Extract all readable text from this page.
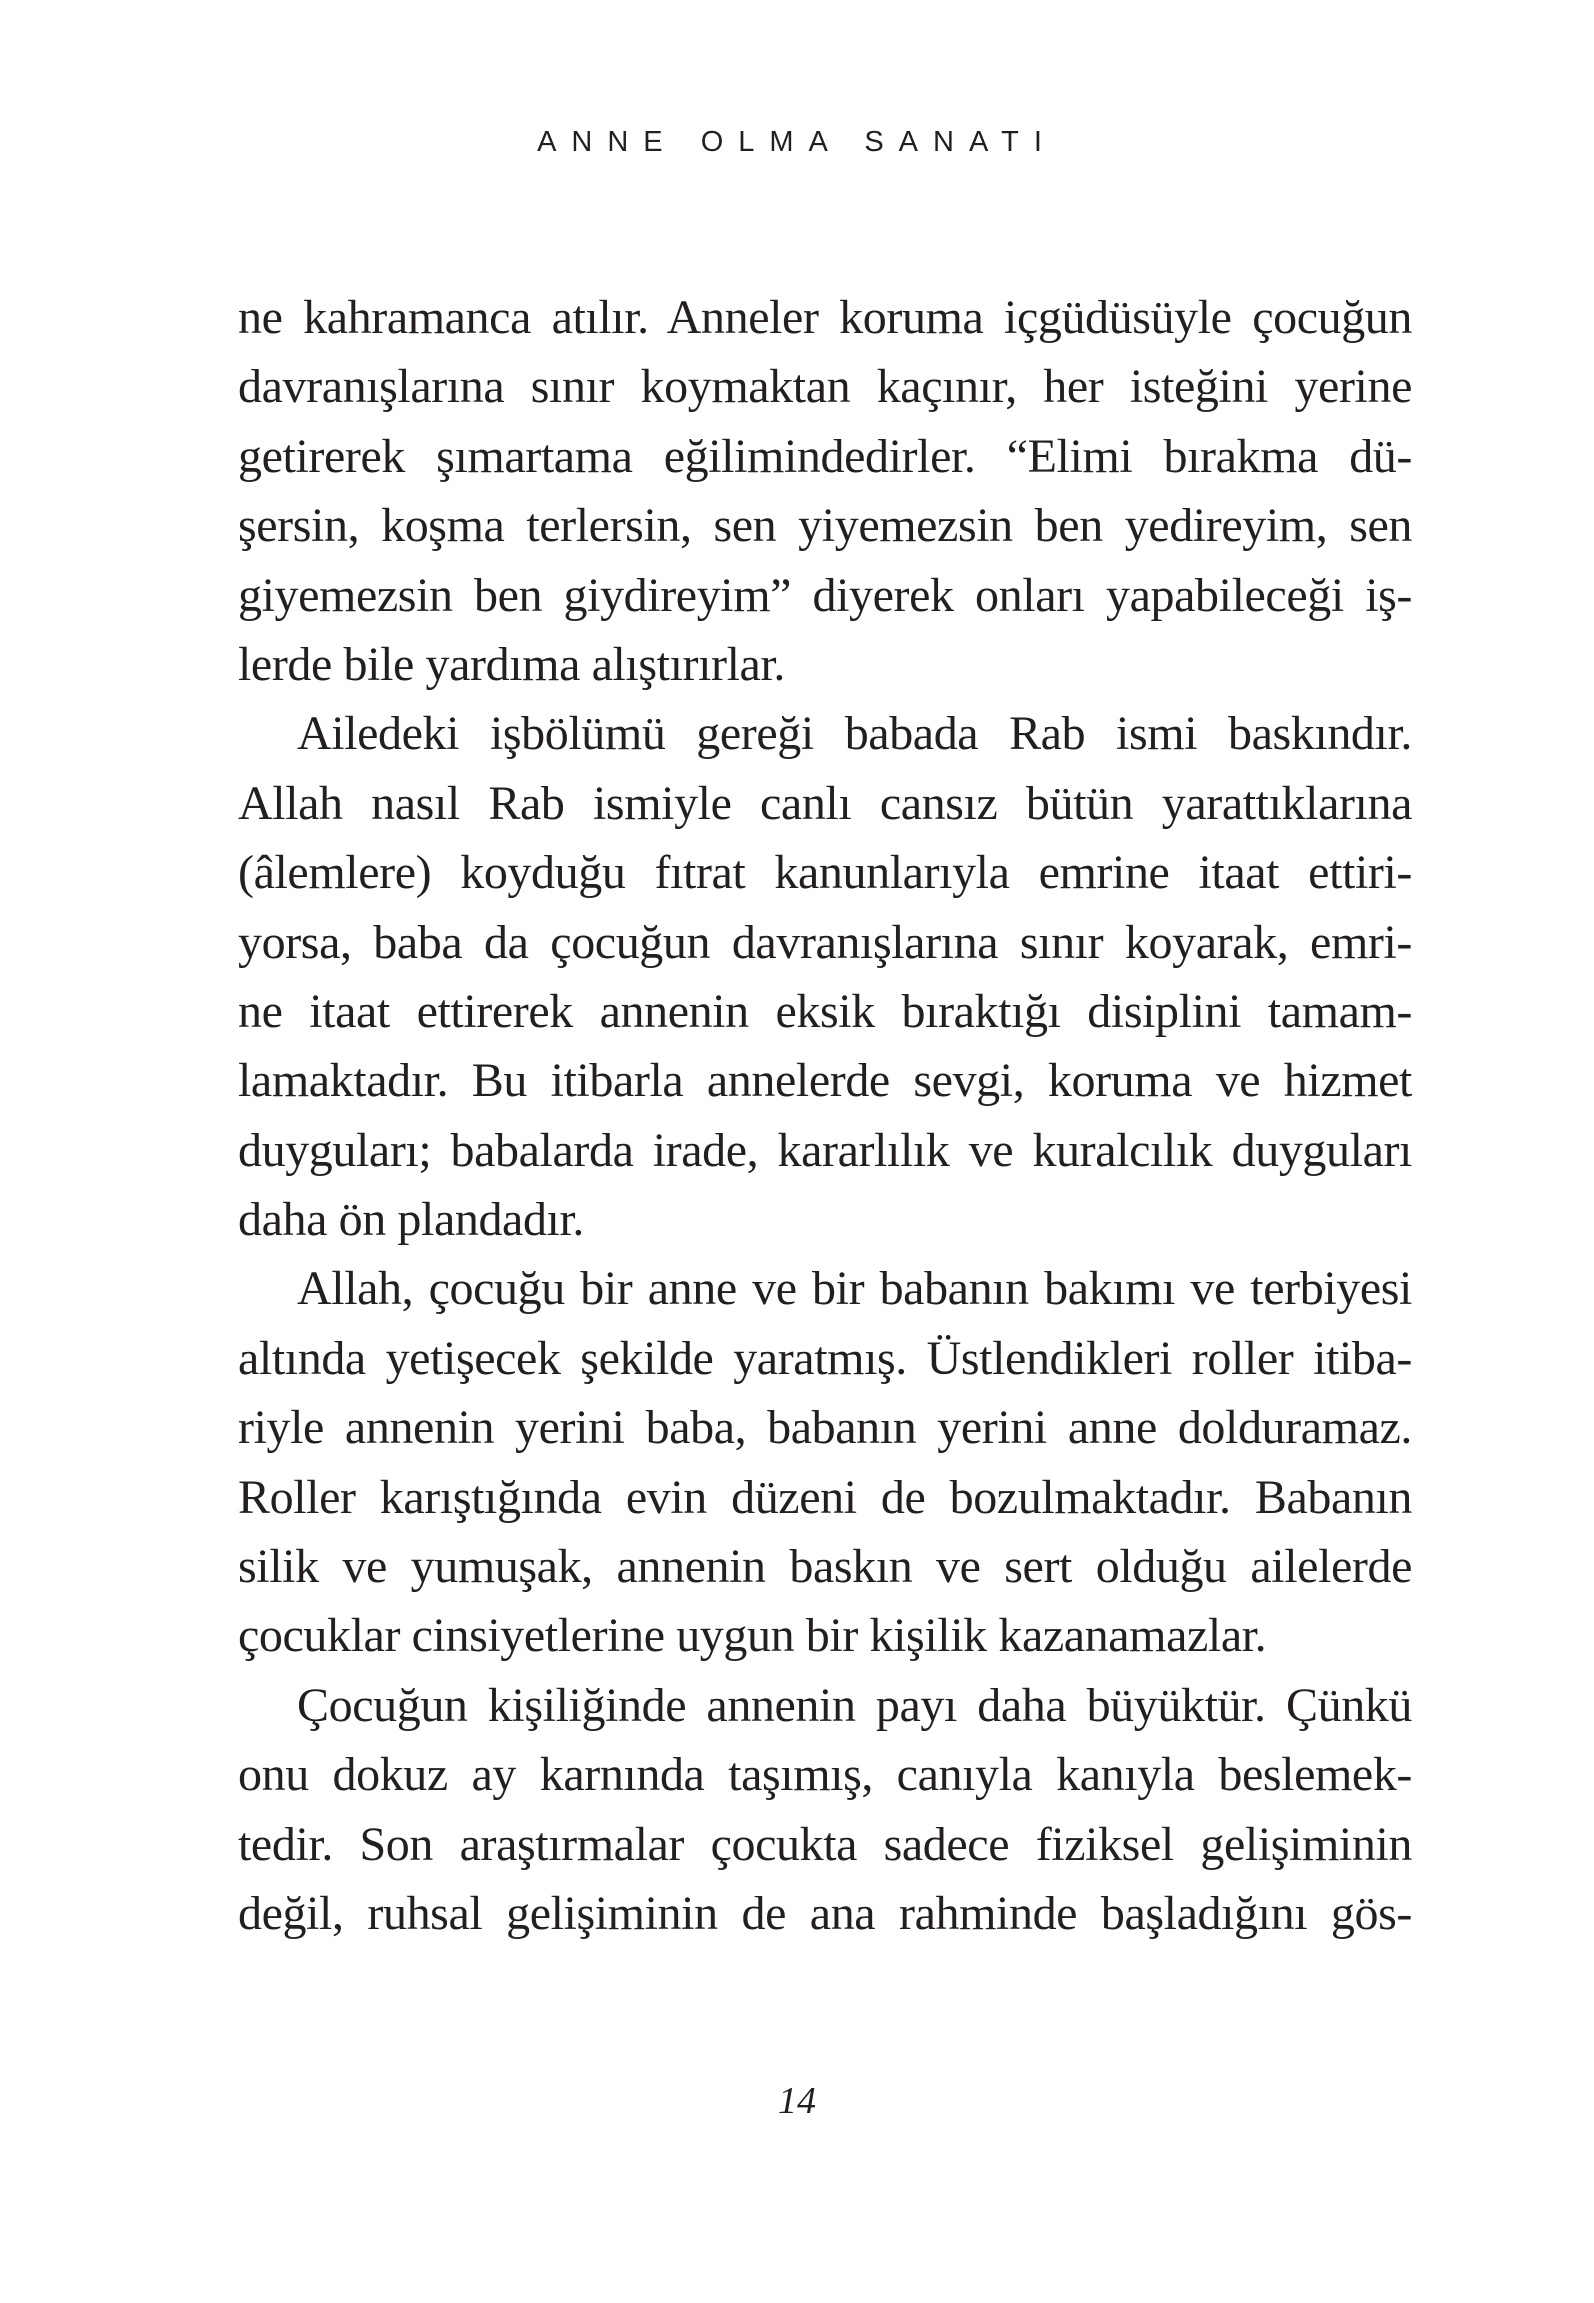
ANNE OLMA SANATI
ne kahramanca atılır. Anneler koruma içgüdüsüyle çocuğun
davranışlarına sınır koymaktan kaçınır, her isteğini yerine
getirerek şımartama eğilimindedirler. “Elimi bırakma dü-
şersin, koşma terlersin, sen yiyemezsin ben yedireyim, sen
giyemezsin ben giydireyim” diyerek onları yapabileceği iş-
lerde bile yardıma alıştırırlar.
Ailedeki işbölümü gereği babada Rab ismi baskındır.
Allah nasıl Rab ismiyle canlı cansız bütün yarattıklarına
(âlemlere) koyduğu fıtrat kanunlarıyla emrine itaat ettiri-
yorsa, baba da çocuğun davranışlarına sınır koyarak, emri-
ne itaat ettirerek annenin eksik bıraktığı disiplini tamam-
lamaktadır. Bu itibarla annelerde sevgi, koruma ve hizmet
duyguları; babalarda irade, kararlılık ve kuralcılık duyguları
daha ön plandadır.
Allah, çocuğu bir anne ve bir babanın bakımı ve terbiyesi
altında yetişecek şekilde yaratmış. Üstlendikleri roller itiba-
riyle annenin yerini baba, babanın yerini anne dolduramaz.
Roller karıştığında evin düzeni de bozulmaktadır. Babanın
silik ve yumuşak, annenin baskın ve sert olduğu ailelerde
çocuklar cinsiyetlerine uygun bir kişilik kazanamazlar.
Çocuğun kişiliğinde annenin payı daha büyüktür. Çünkü
onu dokuz ay karnında taşımış, canıyla kanıyla beslemek-
tedir. Son araştırmalar çocukta sadece fiziksel gelişiminin
değil, ruhsal gelişiminin de ana rahminde başladığını gös-
14
